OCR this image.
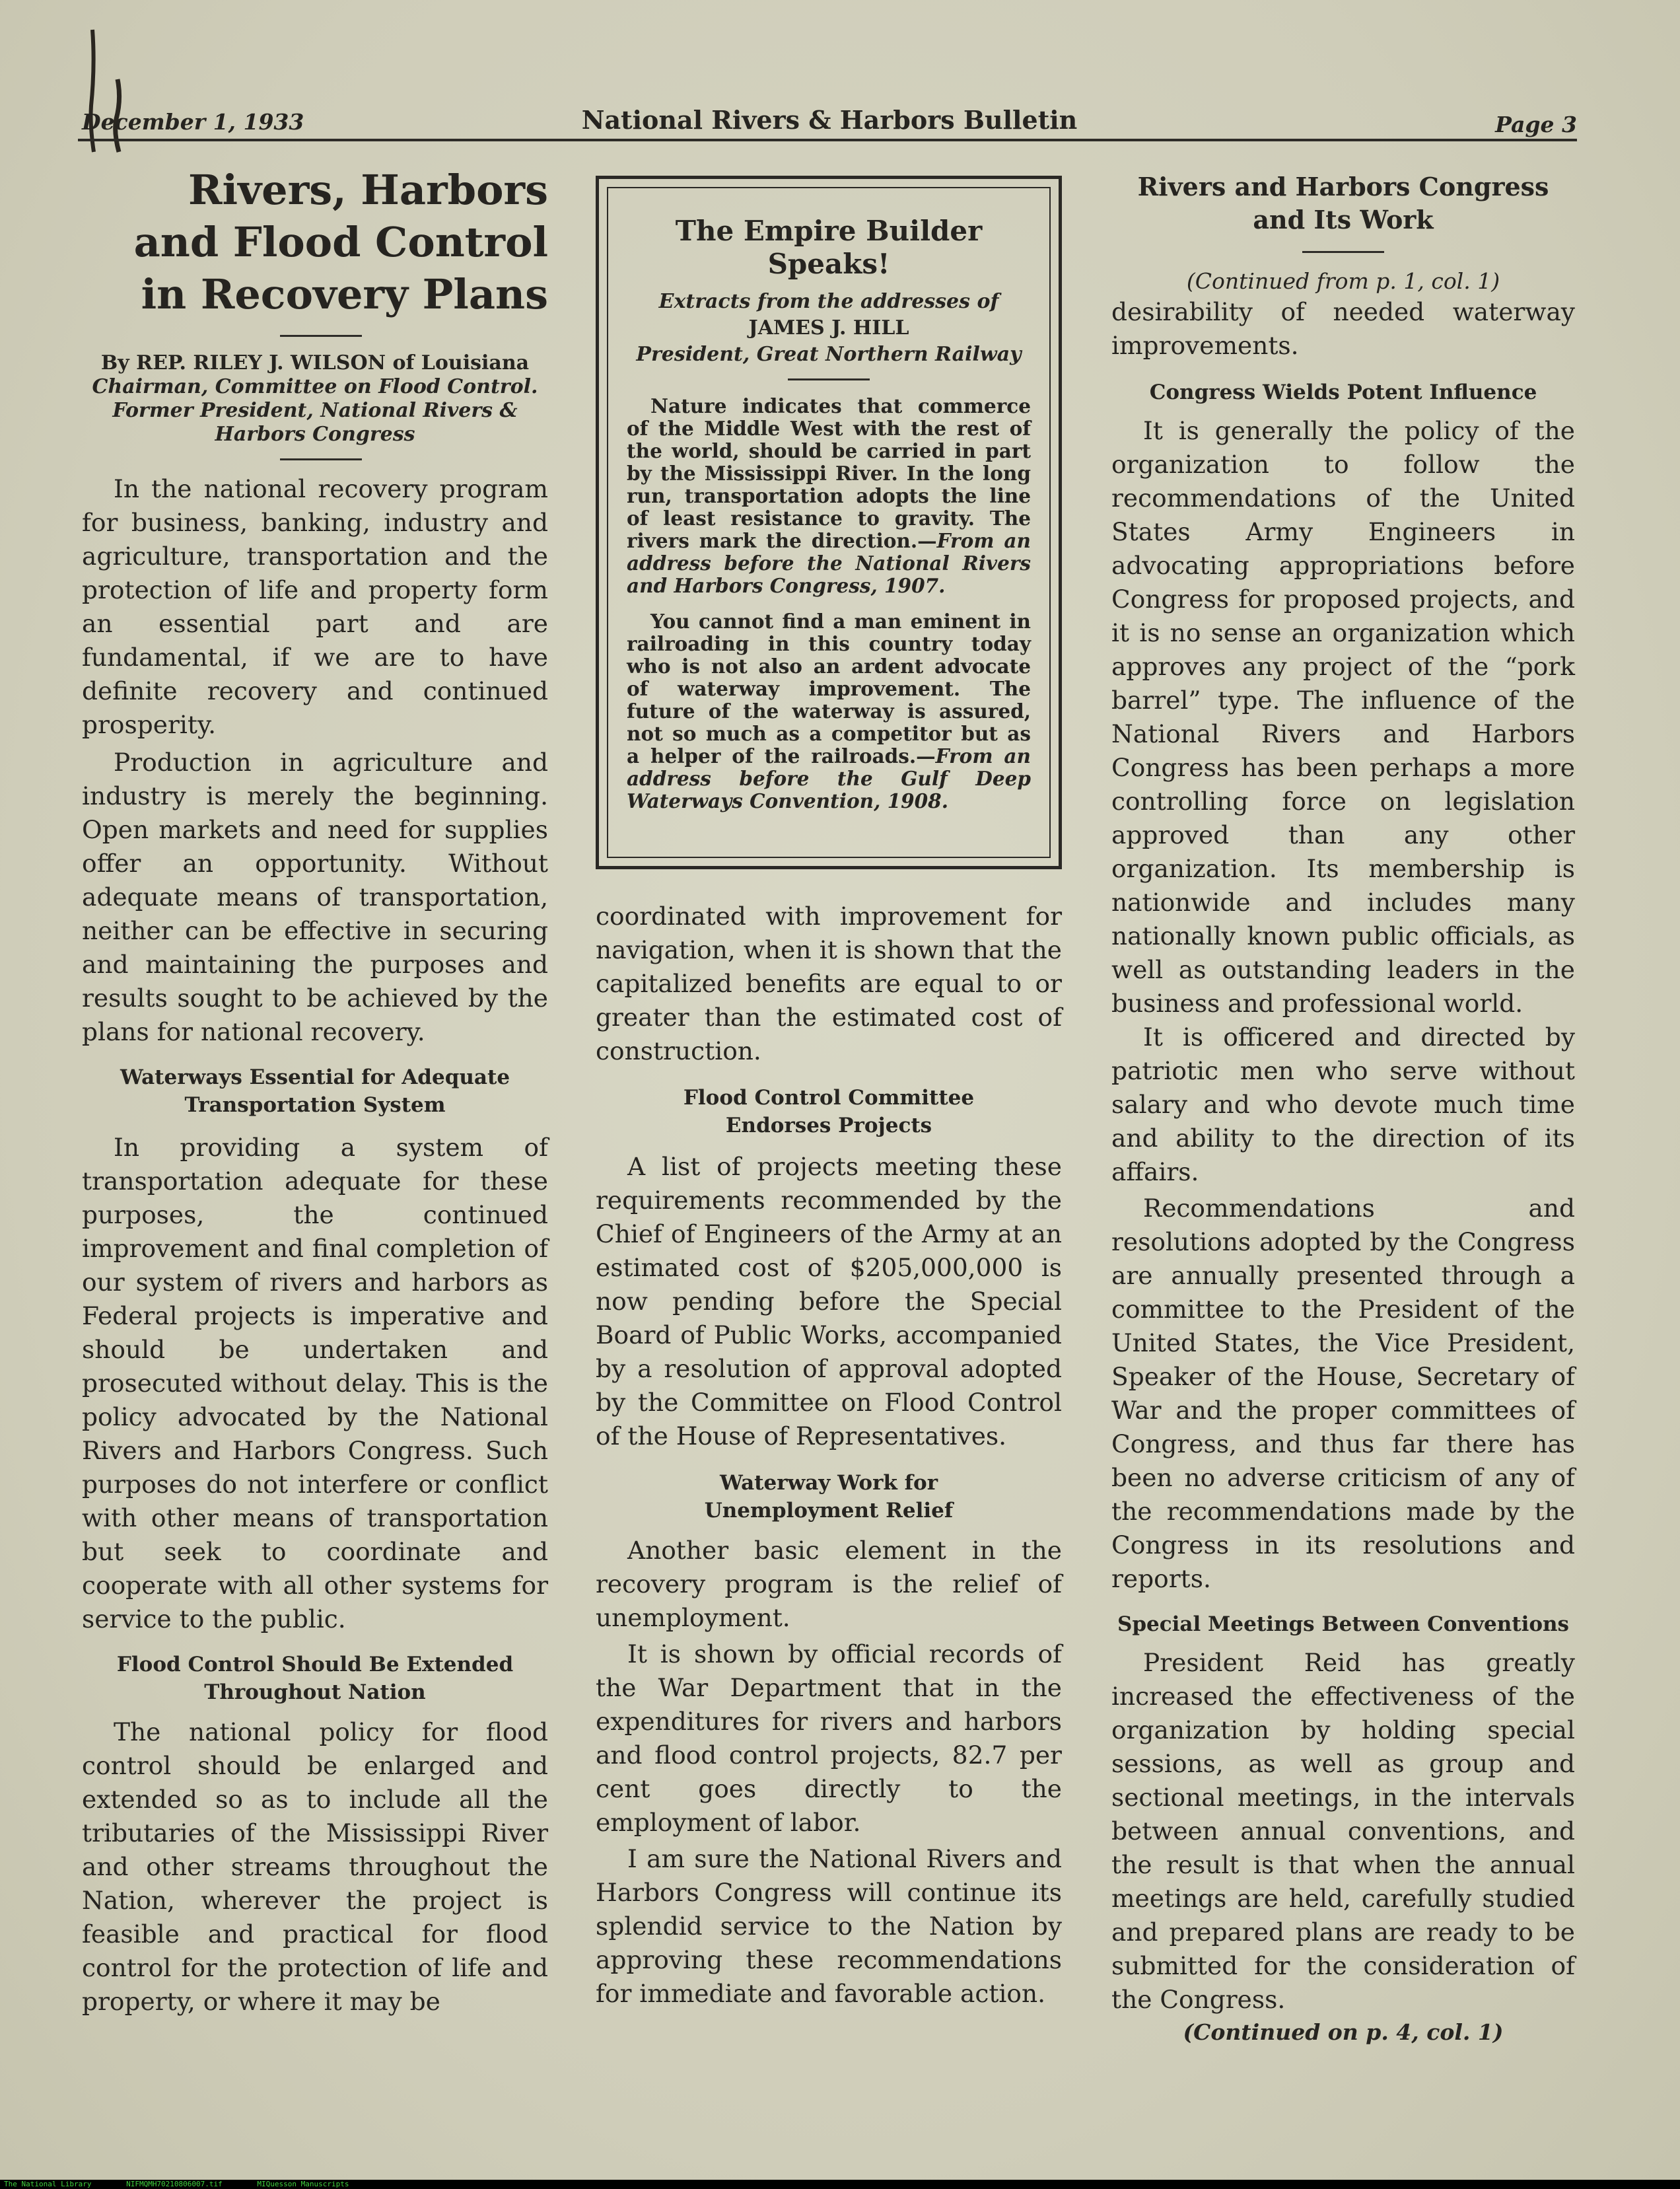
December 1, 1933	National Rivers & Harbors Bulletin	Page 3
Rivers, Harbors and Flood Control in Recovery Plans
By REP. RILEY J. WILSON of Louisiana
Chairman, Committee on Flood Control.
Former President, National Rivers & Harbors Congress

In the national recovery program for business, banking, industry and agriculture, transportation and the protection of life and property form an essential part and are fundamental, if we are to have definite recovery and continued prosperity.

Production in agriculture and industry is merely the beginning. Open markets and need for supplies offer an opportunity. Without adequate means of transportation, neither can be effective in securing and maintaining the purposes and results sought to be achieved by the plans for national recovery.

Waterways Essential for Adequate Transportation System

In providing a system of transportation adequate for these purposes, the continued improvement and final completion of our system of rivers and harbors as Federal projects is imperative and should be undertaken and prosecuted without delay. This is the policy advocated by the National Rivers and Harbors Congress. Such purposes do not interfere or conflict with other means of transportation but seek to coordinate and cooperate with all other systems for service to the public.

Flood Control Should Be Extended Throughout Nation

The national policy for flood control should be enlarged and extended so as to include all the tributaries of the Mississippi River and other streams throughout the Nation, wherever the project is feasible and practical for flood control for the protection of life and property, or where it may be

The Empire Builder Speaks!
Extracts from the addresses of
JAMES J. HILL
President, Great Northern Railway

Nature indicates that commerce of the Middle West with the rest of the world, should be carried in part by the Mississippi River. In the long run, transportation adopts the line of least resistance to gravity. The rivers mark the direction.—From an address before the National Rivers and Harbors Congress, 1907.

You cannot find a man eminent in railroading in this country today who is not also an ardent advocate of waterway improvement. The future of the waterway is assured, not so much as a competitor but as a helper of the railroads.—From an address before the Gulf Deep Waterways Convention, 1908.

coordinated with improvement for navigation, when it is shown that the capitalized benefits are equal to or greater than the estimated cost of construction.

Flood Control Committee Endorses Projects

A list of projects meeting these requirements recommended by the Chief of Engineers of the Army at an estimated cost of $205,000,000 is now pending before the Special Board of Public Works, accompanied by a resolution of approval adopted by the Committee on Flood Control of the House of Representatives.

Waterway Work for Unemployment Relief

Another basic element in the recovery program is the relief of unemployment.

It is shown by official records of the War Department that in the expenditures for rivers and harbors and flood control projects, 82.7 per cent goes directly to the employment of labor.

I am sure the National Rivers and Harbors Congress will continue its splendid service to the Nation by approving these recommendations for immediate and favorable action.

Rivers and Harbors Congress and Its Work

(Continued from p. 1, col. 1)

desirability of needed waterway improvements.

Congress Wields Potent Influence

It is generally the policy of the organization to follow the recommendations of the United States Army Engineers in advocating appropriations before Congress for proposed projects, and it is no sense an organization which approves any project of the “pork barrel” type. The influence of the National Rivers and Harbors Congress has been perhaps a more controlling force on legislation approved than any other organization. Its membership is nationwide and includes many nationally known public officials, as well as outstanding leaders in the business and professional world.

It is officered and directed by patriotic men who serve without salary and who devote much time and ability to the direction of its affairs.

Recommendations and resolutions adopted by the Congress are annually presented through a committee to the President of the United States, the Vice President, Speaker of the House, Secretary of War and the proper committees of Congress, and thus far there has been no adverse criticism of any of the recommendations made by the Congress in its resolutions and reports.

Special Meetings Between Conventions

President Reid has greatly increased the effectiveness of the organization by holding special sessions, as well as group and sectional meetings, in the intervals between annual conventions, and the result is that when the annual meetings are held, carefully studied and prepared plans are ready to be submitted for the consideration of the Congress.

(Continued on p. 4, col. 1)

The National Library	NIFMQMH70210806007.tif	MIQuesson Manuscripts
